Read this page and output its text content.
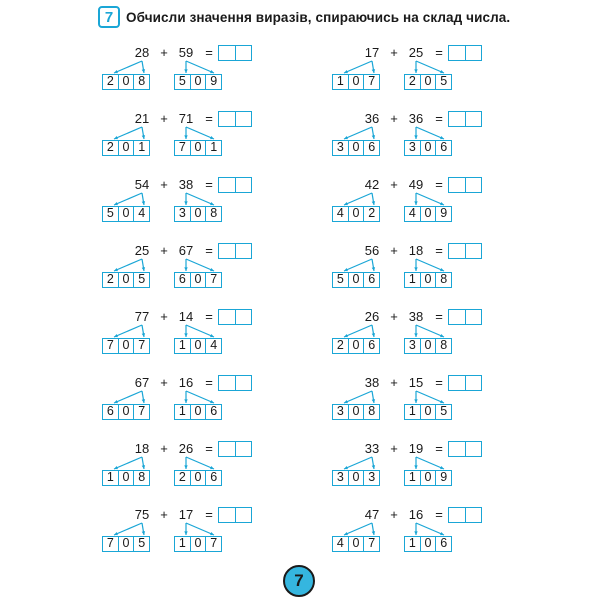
7 Обчисли значення виразів, спираючись на склад числа.
28 + 59 =
2 0 8	5 0 9
17 + 25 =
1 0 7	2 0 5
21 + 71 =
2 0 1	7 0 1
36 + 36 =
3 0 6	3 0 6
54 + 38 =
5 0 4	3 0 8
42 + 49 =
4 0 2	4 0 9
25 + 67 =
2 0 5	6 0 7
56 + 18 =
5 0 6	1 0 8
77 + 14 =
7 0 7	1 0 4
26 + 38 =
2 0 6	3 0 8
67 + 16 =
6 0 7	1 0 6
38 + 15 =
3 0 8	1 0 5
18 + 26 =
1 0 8	2 0 6
33 + 19 =
3 0 3	1 0 9
75 + 17 =
7 0 5	1 0 7
47 + 16 =
4 0 7	1 0 6
7
